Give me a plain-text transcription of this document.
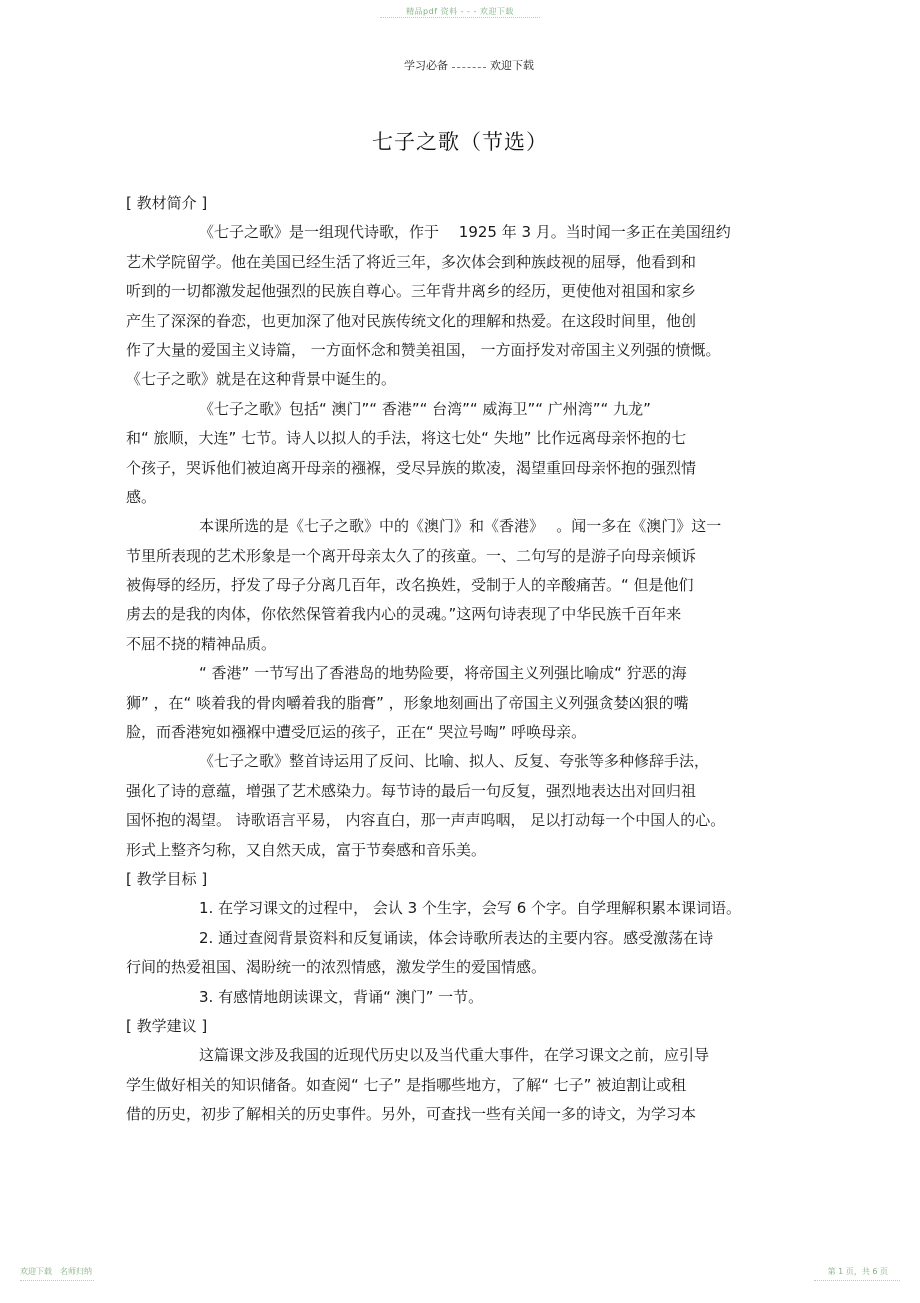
精品pdf 资料 - - - 欢迎下载
学习必备	欢迎下载
七子之歌（节选）
[ 教材简介 ]
《七子之歌》是一组现代诗歌，作于　 1925 年 3 月。当时闻一多正在美国纽约
艺术学院留学。他在美国已经生活了将近三年，多次体会到种族歧视的屈辱，他看到和
听到的一切都激发起他强烈的民族自尊心。三年背井离乡的经历，更使他对祖国和家乡
产生了深深的眷恋，也更加深了他对民族传统文化的理解和热爱。在这段时间里，他创
作了大量的爱国主义诗篇， 一方面怀念和赞美祖国， 一方面抒发对帝国主义列强的愤慨。
《七子之歌》就是在这种背景中诞生的。
《七子之歌》包括“ 澳门”“ 香港”“ 台湾”“ 威海卫”“ 广州湾”“ 九龙”
和“ 旅顺，大连” 七节。诗人以拟人的手法，将这七处“ 失地” 比作远离母亲怀抱的七
个孩子，哭诉他们被迫离开母亲的襁褓，受尽异族的欺凌，渴望重回母亲怀抱的强烈情
感。
本课所选的是《七子之歌》中的《澳门》和《香港》　 。闻一多在《澳门》这一
节里所表现的艺术形象是一个离开母亲太久了的孩童。一、二句写的是游子向母亲倾诉
被侮辱的经历，抒发了母子分离几百年，改名换姓，受制于人的辛酸痛苦。“ 但是他们
虏去的是我的肉体，你依然保管着我内心的灵魂。”这两句诗表现了中华民族千百年来
不屈不挠的精神品质。
“ 香港” 一节写出了香港岛的地势险要，将帝国主义列强比喻成“ 狞恶的海
狮” ，在“ 啖着我的骨肉嚼着我的脂膏” ，形象地刻画出了帝国主义列强贪婪凶狠的嘴
脸，而香港宛如襁褓中遭受厄运的孩子，正在“ 哭泣号啕” 呼唤母亲。
《七子之歌》整首诗运用了反问、比喻、拟人、反复、夸张等多种修辞手法，
强化了诗的意蕴，增强了艺术感染力。每节诗的最后一句反复，强烈地表达出对回归祖
国怀抱的渴望。 诗歌语言平易， 内容直白，那一声声呜咽， 足以打动每一个中国人的心。
形式上整齐匀称，又自然天成，富于节奏感和音乐美。
[ 教学目标 ]
1. 在学习课文的过程中， 会认 3 个生字，会写 6 个字。自学理解积累本课词语。
2. 通过查阅背景资料和反复诵读，体会诗歌所表达的主要内容。感受激荡在诗
行间的热爱祖国、渴盼统一的浓烈情感，激发学生的爱国情感。
3. 有感情地朗读课文，背诵“ 澳门” 一节。
[ 教学建议 ]
这篇课文涉及我国的近现代历史以及当代重大事件，在学习课文之前，应引导
学生做好相关的知识储备。如查阅“ 七子” 是指哪些地方，了解“ 七子” 被迫割让或租
借的历史，初步了解相关的历史事件。另外，可查找一些有关闻一多的诗文，为学习本
欢迎下载　名师归纳	第 1 页，共 6 页
